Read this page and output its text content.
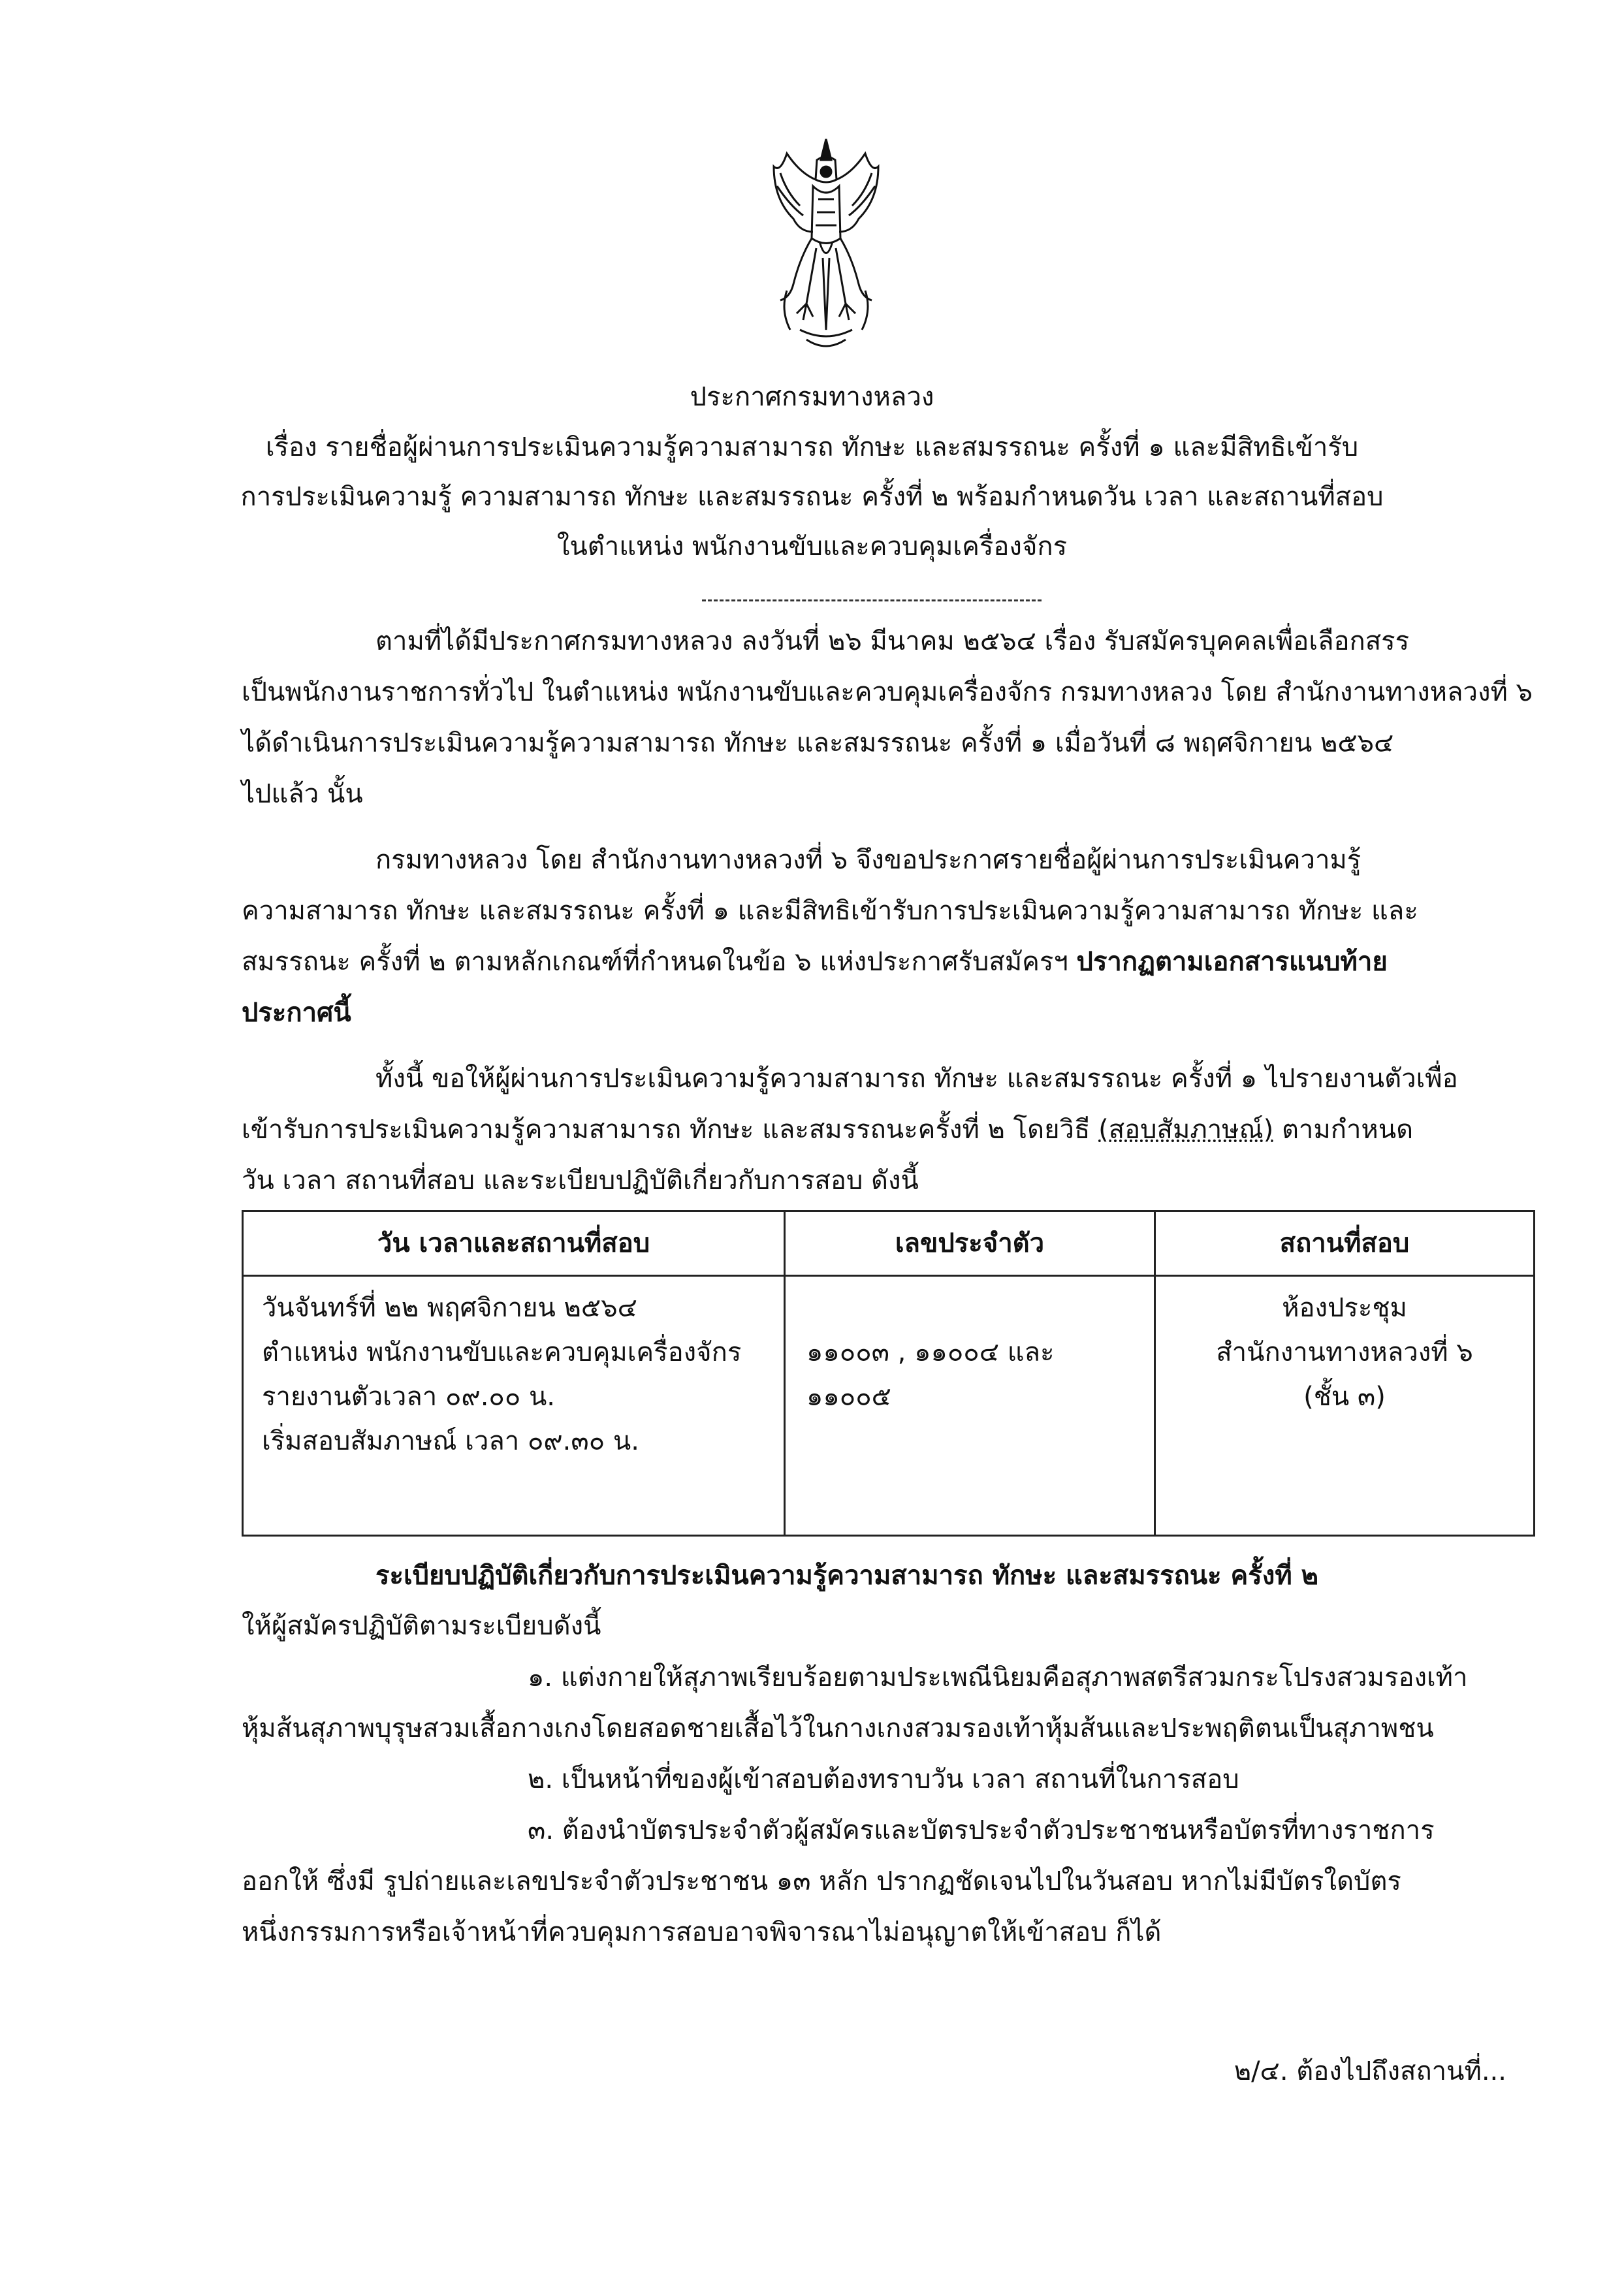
ประกาศกรมทางหลวง
เรื่อง รายชื่อผู้ผ่านการประเมินความรู้ความสามารถ ทักษะ และสมรรถนะ ครั้งที่ ๑ และมีสิทธิเข้ารับ
การประเมินความรู้ ความสามารถ ทักษะ และสมรรถนะ ครั้งที่ ๒ พร้อมกำหนดวัน เวลา และสถานที่สอบ
ในตำแหน่ง พนักงานขับและควบคุมเครื่องจักร
ตามที่ได้มีประกาศกรมทางหลวง ลงวันที่ ๒๖ มีนาคม ๒๕๖๔ เรื่อง รับสมัครบุคคลเพื่อเลือกสรร
เป็นพนักงานราชการทั่วไป ในตำแหน่ง พนักงานขับและควบคุมเครื่องจักร กรมทางหลวง โดย สำนักงานทางหลวงที่ ๖
ได้ดำเนินการประเมินความรู้ความสามารถ ทักษะ และสมรรถนะ ครั้งที่ ๑ เมื่อวันที่ ๘ พฤศจิกายน ๒๕๖๔
ไปแล้ว นั้น
กรมทางหลวง โดย สำนักงานทางหลวงที่ ๖ จึงขอประกาศรายชื่อผู้ผ่านการประเมินความรู้
ความสามารถ ทักษะ และสมรรถนะ ครั้งที่ ๑ และมีสิทธิเข้ารับการประเมินความรู้ความสามารถ ทักษะ และ
สมรรถนะ ครั้งที่ ๒ ตามหลักเกณฑ์ที่กำหนดในข้อ ๖ แห่งประกาศรับสมัครฯ ปรากฏตามเอกสารแนบท้าย
ประกาศนี้
ทั้งนี้ ขอให้ผู้ผ่านการประเมินความรู้ความสามารถ ทักษะ และสมรรถนะ ครั้งที่ ๑ ไปรายงานตัวเพื่อ
เข้ารับการประเมินความรู้ความสามารถ ทักษะ และสมรรถนะครั้งที่ ๒ โดยวิธี (สอบสัมภาษณ์) ตามกำหนด
วัน เวลา สถานที่สอบ และระเบียบปฏิบัติเกี่ยวกับการสอบ ดังนี้
วัน เวลาและสถานที่สอบ	เลขประจำตัว	สถานที่สอบ

วันจันทร์ที่ ๒๒ พฤศจิกายน ๒๕๖๔
ตำแหน่ง พนักงานขับและควบคุมเครื่องจักร
รายงานตัวเวลา ๐๙.๐๐ น.
เริ่มสอบสัมภาษณ์ เวลา ๐๙.๓๐ น.	๑๑๐๐๓ , ๑๑๐๐๔ และ
๑๑๐๐๕	ห้องประชุม
สำนักงานทางหลวงที่ ๖
(ชั้น ๓)
ระเบียบปฏิบัติเกี่ยวกับการประเมินความรู้ความสามารถ ทักษะ และสมรรถนะ ครั้งที่ ๒
ให้ผู้สมัครปฏิบัติตามระเบียบดังนี้
๑. แต่งกายให้สุภาพเรียบร้อยตามประเพณีนิยมคือสุภาพสตรีสวมกระโปรงสวมรองเท้า
หุ้มส้นสุภาพบุรุษสวมเสื้อกางเกงโดยสอดชายเสื้อไว้ในกางเกงสวมรองเท้าหุ้มส้นและประพฤติตนเป็นสุภาพชน
๒. เป็นหน้าที่ของผู้เข้าสอบต้องทราบวัน เวลา สถานที่ในการสอบ
๓. ต้องนำบัตรประจำตัวผู้สมัครและบัตรประจำตัวประชาชนหรือบัตรที่ทางราชการ
ออกให้ ซึ่งมี รูปถ่ายและเลขประจำตัวประชาชน ๑๓ หลัก ปรากฏชัดเจนไปในวันสอบ หากไม่มีบัตรใดบัตร
หนึ่งกรรมการหรือเจ้าหน้าที่ควบคุมการสอบอาจพิจารณาไม่อนุญาตให้เข้าสอบ ก็ได้
๒/๔. ต้องไปถึงสถานที่...
